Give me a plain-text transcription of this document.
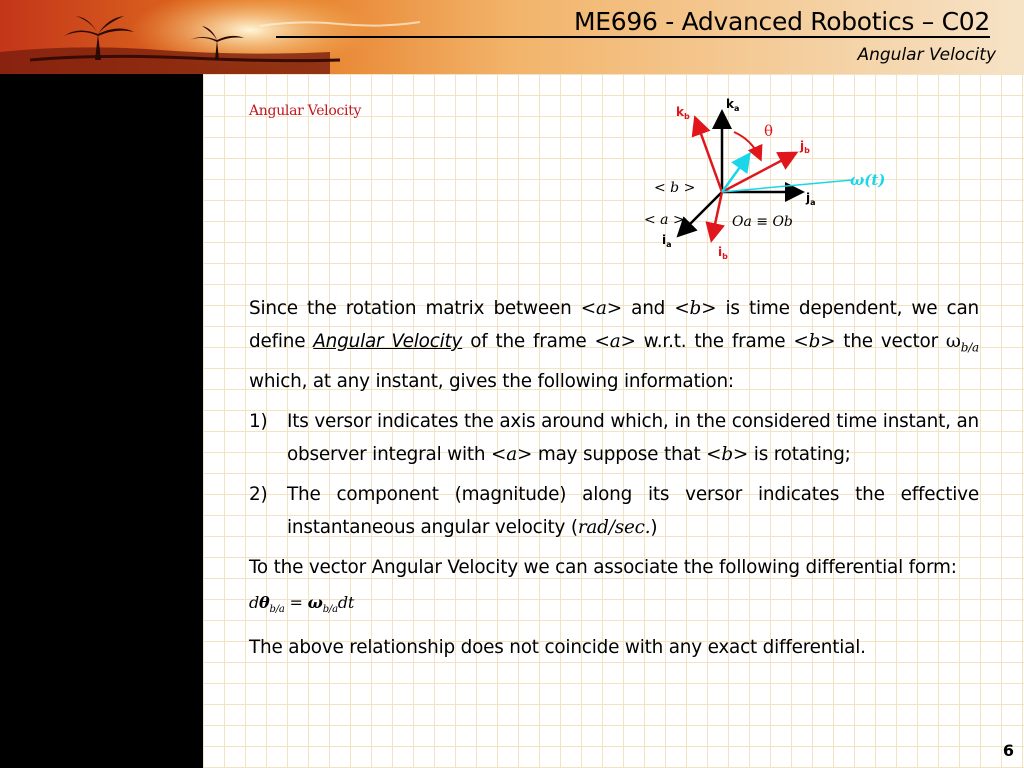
ME696 - Advanced Robotics – C02
Angular Velocity
Angular Velocity	$k_a$
$k_b$
θ
$j_b$
$j_a$
ω(t)
< b >
< a >
$i_a$
$i_b$
Oa ≡ Ob

Since the rotation matrix between <a> and <b> is time dependent, we can define Angular Velocity of the frame <a> w.r.t. the frame <b> the vector $\omega_{b/a}$ which, at any instant, gives the following information:

1)	Its versor indicates the axis around which, in the considered time instant, an observer integral with <a> may suppose that <b> is rotating;
2)	The component (magnitude) along its versor indicates the effective instantaneous angular velocity (rad/sec.)

To the vector Angular Velocity we can associate the following differential form:

$d\theta_{b/a} = \omega_{b/a}dt$

The above relationship does not coincide with any exact differential.

6
